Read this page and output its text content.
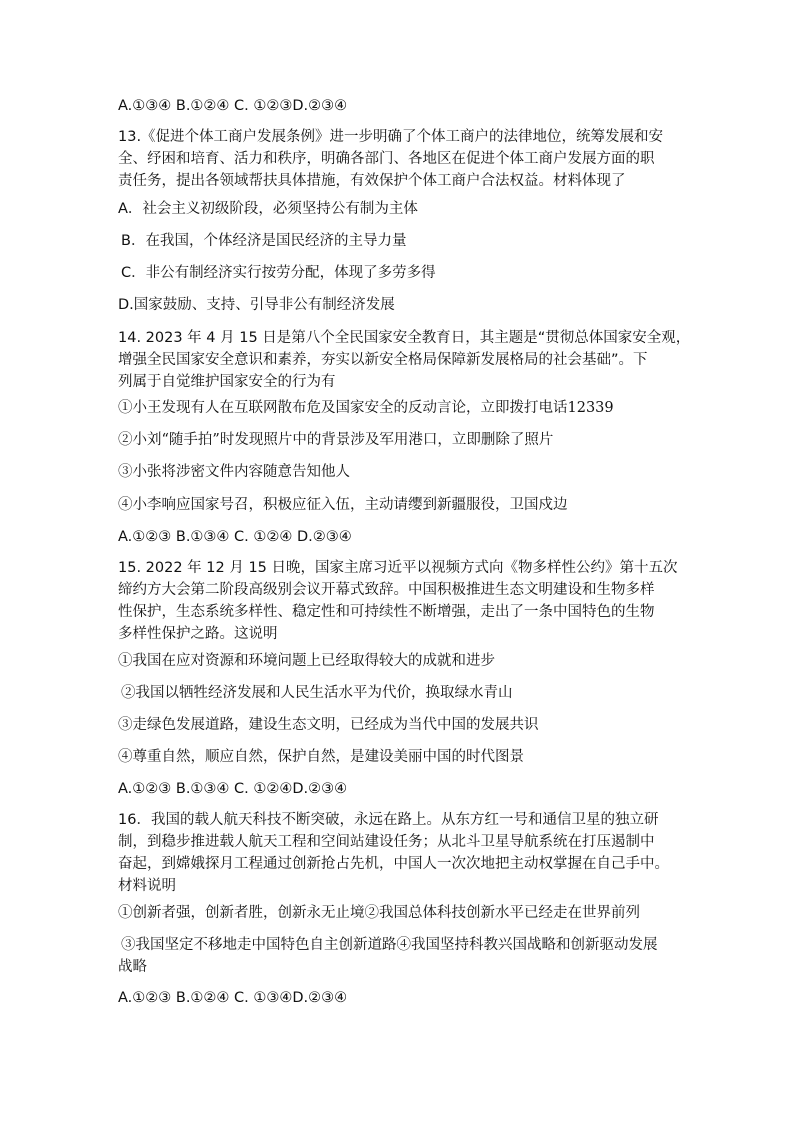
A.①③④ B.①②④ C. ①②③D.②③④
13.《促进个体工商户发展条例》进一步明确了个体工商户的法律地位，统筹发展和安
全、纾困和培育、活力和秩序，明确各部门、各地区在促进个体工商户发展方面的职
责任务，提出各领域帮扶具体措施，有效保护个体工商户合法权益。材料体现了
A．社会主义初级阶段，必须坚持公有制为主体
B．在我国，个体经济是国民经济的主导力量
C．非公有制经济实行按劳分配，体现了多劳多得
D.国家鼓励、支持、引导非公有制经济发展
14. 2023 年 4 月 15 日是第八个全民国家安全教育日，其主题是“贯彻总体国家安全观，
增强全民国家安全意识和素养，夯实以新安全格局保障新发展格局的社会基础”。下
列属于自觉维护国家安全的行为有
①小王发现有人在互联网散布危及国家安全的反动言论，立即拨打电话12339
②小刘“随手拍”时发现照片中的背景涉及军用港口，立即删除了照片
③小张将涉密文件内容随意告知他人
④小李响应国家号召，积极应征入伍，主动请缨到新疆服役，卫国戍边
A.①②③ B.①③④ C. ①②④ D.②③④
15. 2022 年 12 月 15 日晚，国家主席习近平以视频方式向《物多样性公约》第十五次
缔约方大会第二阶段高级别会议开幕式致辞。中国积极推进生态文明建设和生物多样
性保护，生态系统多样性、稳定性和可持续性不断增强，走出了一条中国特色的生物
多样性保护之路。这说明
①我国在应对资源和环境问题上已经取得较大的成就和进步
②我国以牺牲经济发展和人民生活水平为代价，换取绿水青山
③走绿色发展道路，建设生态文明，已经成为当代中国的发展共识
④尊重自然，顺应自然，保护自然，是建设美丽中国的时代图景
A.①②③ B.①③④ C. ①②④D.②③④
16．我国的载人航天科技不断突破，永远在路上。从东方红一号和通信卫星的独立研
制，到稳步推进载人航天工程和空间站建设任务；从北斗卫星导航系统在打压遏制中
奋起，到嫦娥探月工程通过创新抢占先机，中国人一次次地把主动权掌握在自己手中。
材料说明
①创新者强，创新者胜，创新永无止境②我国总体科技创新水平已经走在世界前列
③我国坚定不移地走中国特色自主创新道路④我国坚持科教兴国战略和创新驱动发展
战略
A.①②③ B.①②④ C. ①③④D.②③④
